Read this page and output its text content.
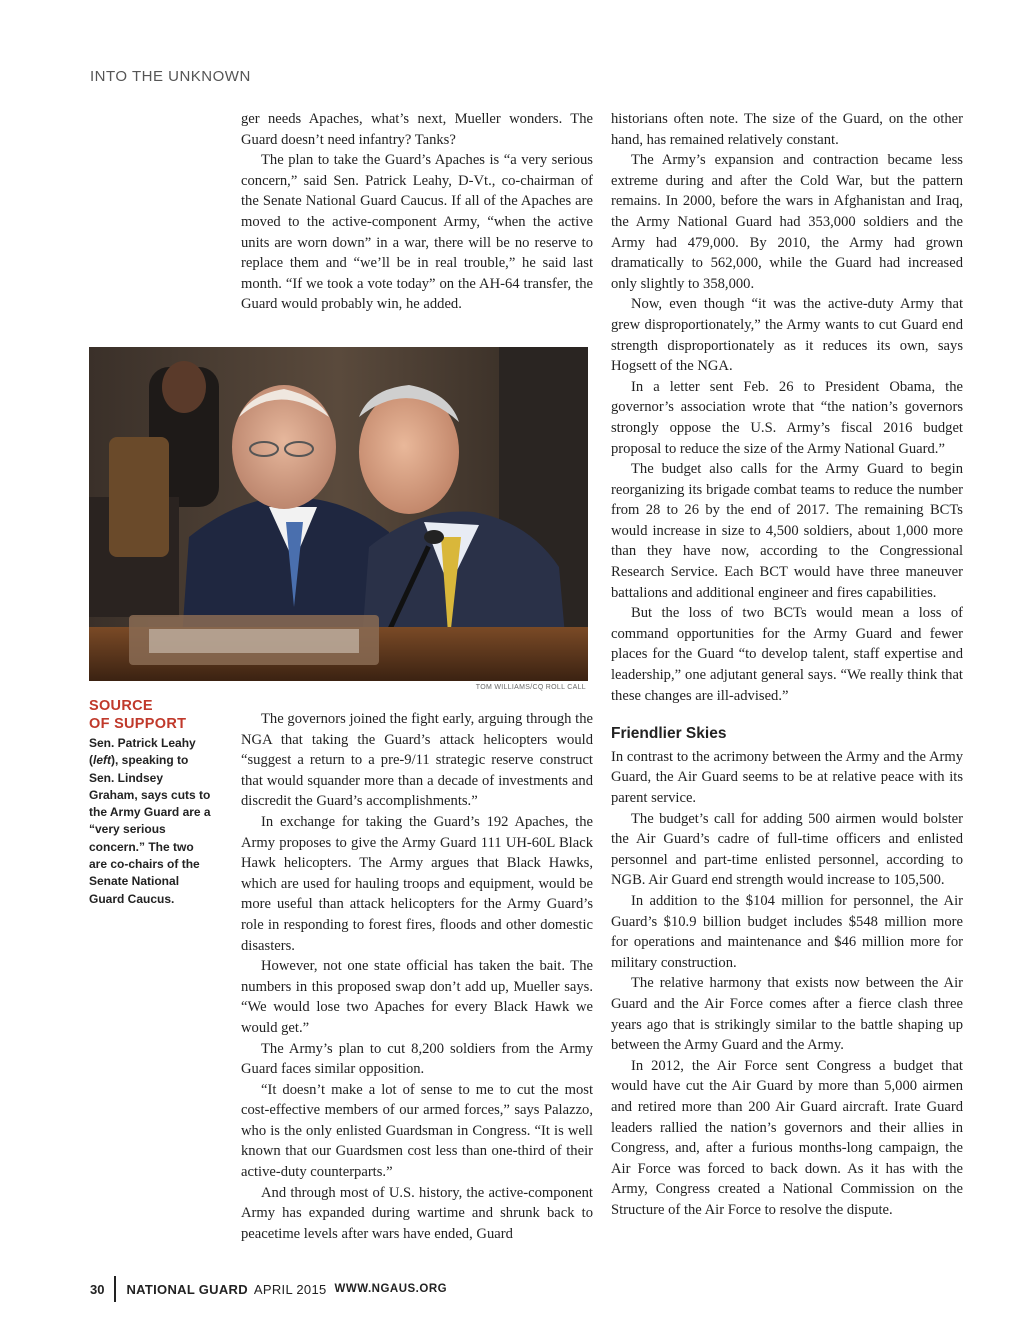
INTO THE UNKNOWN

ger needs Apaches, what’s next, Mueller wonders. The Guard doesn’t need infantry? Tanks?

The plan to take the Guard’s Apaches is “a very serious concern,” said Sen. Patrick Leahy, D-Vt., co-chairman of the Senate National Guard Caucus. If all of the Apaches are moved to the active-component Army, “when the active units are worn down” in a war, there will be no reserve to replace them and “we’ll be in real trouble,” he said last month. “If we took a vote today” on the AH-64 transfer, the Guard would probably win, he added.

TOM WILLIAMS/CQ ROLL CALL
SOURCE
OF SUPPORT
Sen. Patrick Leahy (left), speaking to Sen. Lindsey Graham, says cuts to the Army Guard are a “very serious concern.” The two are co-chairs of the Senate National Guard Caucus.

The governors joined the fight early, arguing through the NGA that taking the Guard’s attack helicopters would “suggest a return to a pre-9/11 strategic reserve construct that would squander more than a decade of investments and discredit the Guard’s accomplishments.”

In exchange for taking the Guard’s 192 Apaches, the Army proposes to give the Army Guard 111 UH-60L Black Hawk helicopters. The Army argues that Black Hawks, which are used for hauling troops and equipment, would be more useful than attack helicopters for the Army Guard’s role in responding to forest fires, floods and other domestic disasters.

However, not one state official has taken the bait. The numbers in this proposed swap don’t add up, Mueller says. “We would lose two Apaches for every Black Hawk we would get.”

The Army’s plan to cut 8,200 soldiers from the Army Guard faces similar opposition.

“It doesn’t make a lot of sense to me to cut the most cost-effective members of our armed forces,” says Palazzo, who is the only enlisted Guardsman in Congress. “It is well known that our Guardsmen cost less than one-third of their active-duty counterparts.”

And through most of U.S. history, the active-component Army has expanded during wartime and shrunk back to peacetime levels after wars have ended, Guard

historians often note. The size of the Guard, on the other hand, has remained relatively constant.

The Army’s expansion and contraction became less extreme during and after the Cold War, but the pattern remains. In 2000, before the wars in Afghanistan and Iraq, the Army National Guard had 353,000 soldiers and the Army had 479,000. By 2010, the Army had grown dramatically to 562,000, while the Guard had increased only slightly to 358,000.

Now, even though “it was the active-duty Army that grew disproportionately,” the Army wants to cut Guard end strength disproportionately as it reduces its own, says Hogsett of the NGA.

In a letter sent Feb. 26 to President Obama, the governor’s association wrote that “the nation’s governors strongly oppose the U.S. Army’s fiscal 2016 budget proposal to reduce the size of the Army National Guard.”

The budget also calls for the Army Guard to begin reorganizing its brigade combat teams to reduce the number from 28 to 26 by the end of 2017. The remaining BCTs would increase in size to 4,500 soldiers, about 1,000 more than they have now, according to the Congressional Research Service. Each BCT would have three maneuver battalions and additional engineer and fires capabilities.

But the loss of two BCTs would mean a loss of command opportunities for the Army Guard and fewer places for the Guard “to develop talent, staff expertise and leadership,” one adjutant general says. “We really think that these changes are ill-advised.”

Friendlier Skies

In contrast to the acrimony between the Army and the Army Guard, the Air Guard seems to be at relative peace with its parent service.

The budget’s call for adding 500 airmen would bolster the Air Guard’s cadre of full-time officers and enlisted personnel and part-time enlisted personnel, according to NGB. Air Guard end strength would increase to 105,500.

In addition to the $104 million for personnel, the Air Guard’s $10.9 billion budget includes $548 million more for operations and maintenance and $46 million more for military construction.

The relative harmony that exists now between the Air Guard and the Air Force comes after a fierce clash three years ago that is strikingly similar to the battle shaping up between the Army Guard and the Army.

In 2012, the Air Force sent Congress a budget that would have cut the Air Guard by more than 5,000 airmen and retired more than 200 Air Guard aircraft. Irate Guard leaders rallied the nation’s governors and their allies in Congress, and, after a furious months-long campaign, the Air Force was forced to back down. As it has with the Army, Congress created a National Commission on the Structure of the Air Force to resolve the dispute.

30 NATIONAL GUARD APRIL 2015 WWW.NGAUS.ORG
